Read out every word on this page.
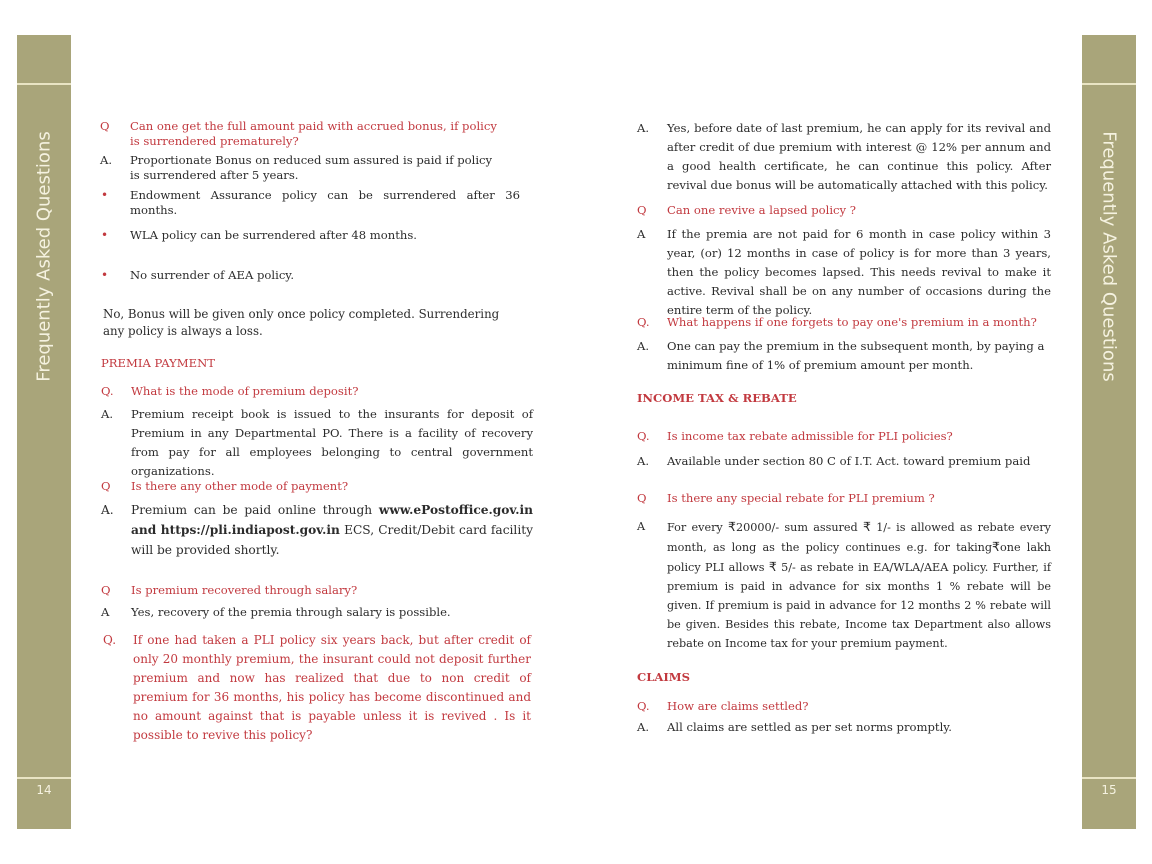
Frequently Asked Questions
14
Frequently Asked Questions
15
Q Can one get the full amount paid with accrued bonus, if policy is surrendered prematurely?
A. Proportionate Bonus on reduced sum assured is paid if policy is surrendered after 5 years.
• Endowment Assurance policy can be surrendered after 36 months.
• WLA policy can be surrendered after 48 months.
• No surrender of AEA policy.
No, Bonus will be given only once policy completed. Surrendering any policy is always a loss.
PREMIA PAYMENT
Q. What is the mode of premium deposit?
A. Premium receipt book is issued to the insurants for deposit of Premium in any Departmental PO. There is a facility of recovery from pay for all employees belonging to central government organizations.
Q Is there any other mode of payment?
A. Premium can be paid online through www.ePostoffice.gov.in and https://pli.indiapost.gov.in ECS, Credit/Debit card facility will be provided shortly.
Q Is premium recovered through salary?
A Yes, recovery of the premia through salary is possible.
Q. If one had taken a PLI policy six years back, but after credit of only 20 monthly premium, the insurant could not deposit further premium and now has realized that due to non credit of premium for 36 months, his policy has become discontinued and no amount against that is payable unless it is revived . Is it possible to revive this policy?
A. Yes, before date of last premium, he can apply for its revival and after credit of due premium with interest @ 12% per annum and a good health certificate, he can continue this policy. After revival due bonus will be automatically attached with this policy.
Q Can one revive a lapsed policy ?
A If the premia are not paid for 6 month in case policy within 3 year, (or) 12 months in case of policy is for more than 3 years, then the policy becomes lapsed. This needs revival to make it active. Revival shall be on any number of occasions during the entire term of the policy.
Q. What happens if one forgets to pay one's premium in a month?
A. One can pay the premium in the subsequent month, by paying a minimum fine of 1% of premium amount per month.
INCOME TAX & REBATE
Q. Is income tax rebate admissible for PLI policies?
A. Available under section 80 C of I.T. Act. toward premium paid
Q Is there any special rebate for PLI premium ?
A For every ₹20000/- sum assured ₹ 1/- is allowed as rebate every month, as long as the policy continues e.g. for taking₹one lakh policy PLI allows ₹ 5/- as rebate in EA/WLA/AEA policy. Further, if premium is paid in advance for six months 1 % rebate will be given. If premium is paid in advance for 12 months 2 % rebate will be given. Besides this rebate, Income tax Department also allows rebate on Income tax for your premium payment.
CLAIMS
Q. How are claims settled?
A. All claims are settled as per set norms promptly.
